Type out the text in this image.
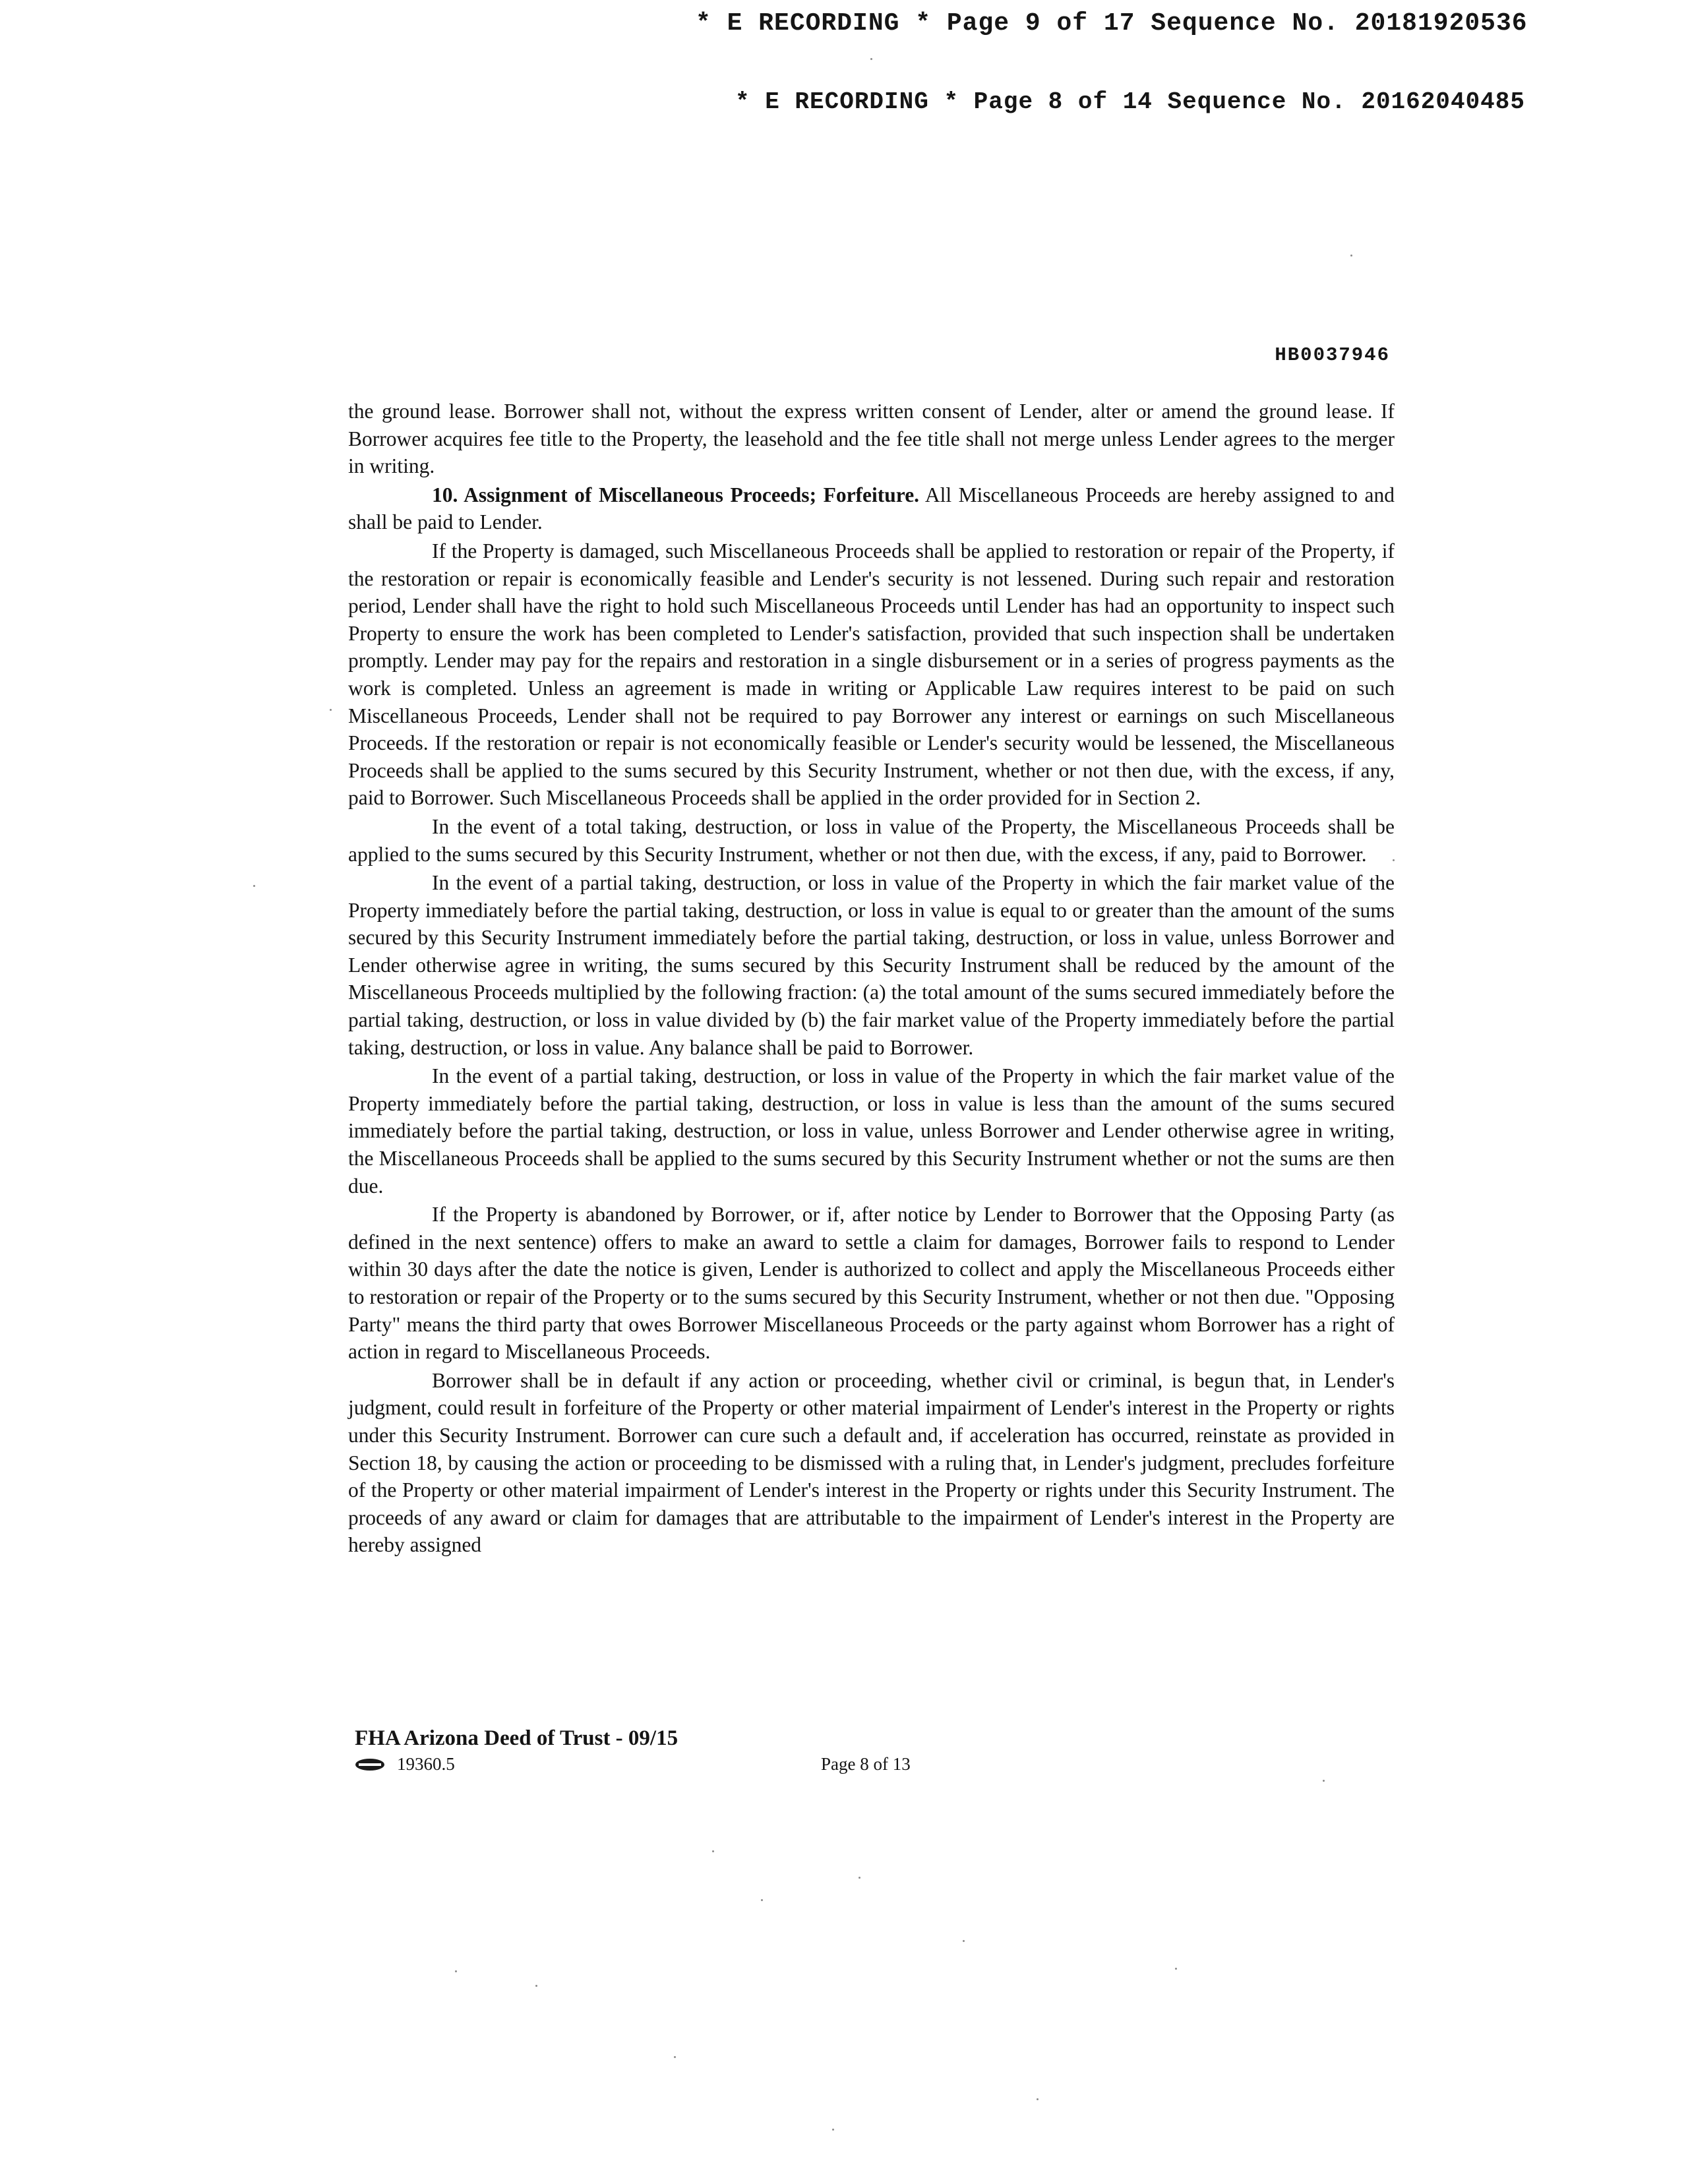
* E RECORDING * Page 9 of 17 Sequence No. 20181920536
* E RECORDING * Page 8 of 14 Sequence No. 20162040485
HB0037946

the ground lease. Borrower shall not, without the express written consent of Lender, alter or amend the ground lease. If Borrower acquires fee title to the Property, the leasehold and the fee title shall not merge unless Lender agrees to the merger in writing.

10. Assignment of Miscellaneous Proceeds; Forfeiture. All Miscellaneous Proceeds are hereby assigned to and shall be paid to Lender.

If the Property is damaged, such Miscellaneous Proceeds shall be applied to restoration or repair of the Property, if the restoration or repair is economically feasible and Lender's security is not lessened. During such repair and restoration period, Lender shall have the right to hold such Miscellaneous Proceeds until Lender has had an opportunity to inspect such Property to ensure the work has been completed to Lender's satisfaction, provided that such inspection shall be undertaken promptly. Lender may pay for the repairs and restoration in a single disbursement or in a series of progress payments as the work is completed. Unless an agreement is made in writing or Applicable Law requires interest to be paid on such Miscellaneous Proceeds, Lender shall not be required to pay Borrower any interest or earnings on such Miscellaneous Proceeds. If the restoration or repair is not economically feasible or Lender's security would be lessened, the Miscellaneous Proceeds shall be applied to the sums secured by this Security Instrument, whether or not then due, with the excess, if any, paid to Borrower. Such Miscellaneous Proceeds shall be applied in the order provided for in Section 2.

In the event of a total taking, destruction, or loss in value of the Property, the Miscellaneous Proceeds shall be applied to the sums secured by this Security Instrument, whether or not then due, with the excess, if any, paid to Borrower.

In the event of a partial taking, destruction, or loss in value of the Property in which the fair market value of the Property immediately before the partial taking, destruction, or loss in value is equal to or greater than the amount of the sums secured by this Security Instrument immediately before the partial taking, destruction, or loss in value, unless Borrower and Lender otherwise agree in writing, the sums secured by this Security Instrument shall be reduced by the amount of the Miscellaneous Proceeds multiplied by the following fraction: (a) the total amount of the sums secured immediately before the partial taking, destruction, or loss in value divided by (b) the fair market value of the Property immediately before the partial taking, destruction, or loss in value. Any balance shall be paid to Borrower.

In the event of a partial taking, destruction, or loss in value of the Property in which the fair market value of the Property immediately before the partial taking, destruction, or loss in value is less than the amount of the sums secured immediately before the partial taking, destruction, or loss in value, unless Borrower and Lender otherwise agree in writing, the Miscellaneous Proceeds shall be applied to the sums secured by this Security Instrument whether or not the sums are then due.

If the Property is abandoned by Borrower, or if, after notice by Lender to Borrower that the Opposing Party (as defined in the next sentence) offers to make an award to settle a claim for damages, Borrower fails to respond to Lender within 30 days after the date the notice is given, Lender is authorized to collect and apply the Miscellaneous Proceeds either to restoration or repair of the Property or to the sums secured by this Security Instrument, whether or not then due. "Opposing Party" means the third party that owes Borrower Miscellaneous Proceeds or the party against whom Borrower has a right of action in regard to Miscellaneous Proceeds.

Borrower shall be in default if any action or proceeding, whether civil or criminal, is begun that, in Lender's judgment, could result in forfeiture of the Property or other material impairment of Lender's interest in the Property or rights under this Security Instrument. Borrower can cure such a default and, if acceleration has occurred, reinstate as provided in Section 18, by causing the action or proceeding to be dismissed with a ruling that, in Lender's judgment, precludes forfeiture of the Property or other material impairment of Lender's interest in the Property or rights under this Security Instrument. The proceeds of any award or claim for damages that are attributable to the impairment of Lender's interest in the Property are hereby assigned

FHA Arizona Deed of Trust - 09/15
19360.5	Page 8 of 13
